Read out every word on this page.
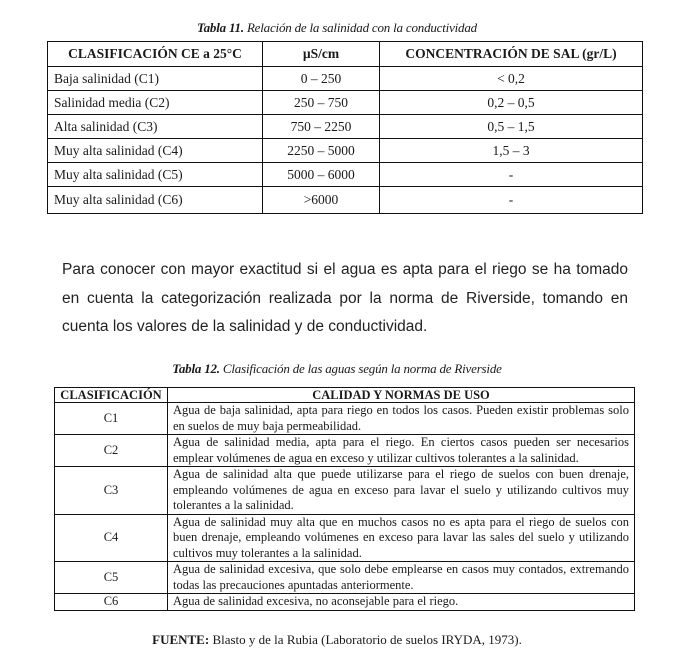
Tabla 11. Relación de la salinidad con la conductividad
CLASIFICACIÓN CE a 25°C	µS/cm	CONCENTRACIÓN DE SAL (gr/L)
Baja salinidad (C1)	0 – 250	< 0,2
Salinidad media (C2)	250 – 750	0,2 – 0,5
Alta salinidad (C3)	750 – 2250	0,5 – 1,5
Muy alta salinidad (C4)	2250 – 5000	1,5 – 3
Muy alta salinidad (C5)	5000 – 6000	-
Muy alta salinidad (C6)	>6000	-
Para conocer con mayor exactitud si el agua es apta para el riego se ha tomado en cuenta la categorización realizada por la norma de Riverside, tomando en cuenta los valores de la salinidad y de conductividad.
Tabla 12. Clasificación de las aguas según la norma de Riverside
CLASIFICACIÓN	CALIDAD Y NORMAS DE USO
C1	Agua de baja salinidad, apta para riego en todos los casos. Pueden existir problemas solo en suelos de muy baja permeabilidad.
C2	Agua de salinidad media, apta para el riego. En ciertos casos pueden ser necesarios emplear volúmenes de agua en exceso y utilizar cultivos tolerantes a la salinidad.
C3	Agua de salinidad alta que puede utilizarse para el riego de suelos con buen drenaje, empleando volúmenes de agua en exceso para lavar el suelo y utilizando cultivos muy tolerantes a la salinidad.
C4	Agua de salinidad muy alta que en muchos casos no es apta para el riego de suelos con buen drenaje, empleando volúmenes en exceso para lavar las sales del suelo y utilizando cultivos muy tolerantes a la salinidad.
C5	Agua de salinidad excesiva, que solo debe emplearse en casos muy contados, extremando todas las precauciones apuntadas anteriormente.
C6	Agua de salinidad excesiva, no aconsejable para el riego.
FUENTE: Blasto y de la Rubia (Laboratorio de suelos IRYDA, 1973).
